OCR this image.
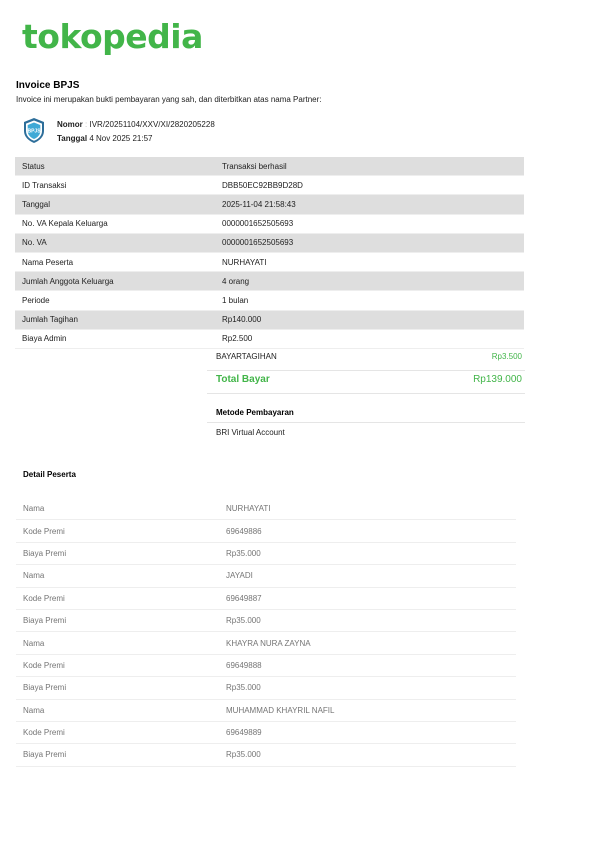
tokopedia
Invoice BPJS
Invoice ini merupakan bukti pembayaran yang sah, dan diterbitkan atas nama Partner:
BPJS
Nomor : IVR/20251104/XXV/XI/2820205228
Tanggal 4 Nov 2025 21:57
Status	Transaksi berhasil
ID Transaksi	DBB50EC92BB9D28D
Tanggal	2025-11-04 21:58:43
No. VA Kepala Keluarga	0000001652505693
No. VA	0000001652505693
Nama Peserta	NURHAYATI
Jumlah Anggota Keluarga	4 orang
Periode	1 bulan
Jumlah Tagihan	Rp140.000
Biaya Admin	Rp2.500
BAYARTAGIHAN	Rp3.500
Total Bayar	Rp139.000
Metode Pembayaran
BRI Virtual Account
Detail Peserta
Nama	NURHAYATI
Kode Premi	69649886
Biaya Premi	Rp35.000
Nama	JAYADI
Kode Premi	69649887
Biaya Premi	Rp35.000
Nama	KHAYRA NURA ZAYNA
Kode Premi	69649888
Biaya Premi	Rp35.000
Nama	MUHAMMAD KHAYRIL NAFIL
Kode Premi	69649889
Biaya Premi	Rp35.000
